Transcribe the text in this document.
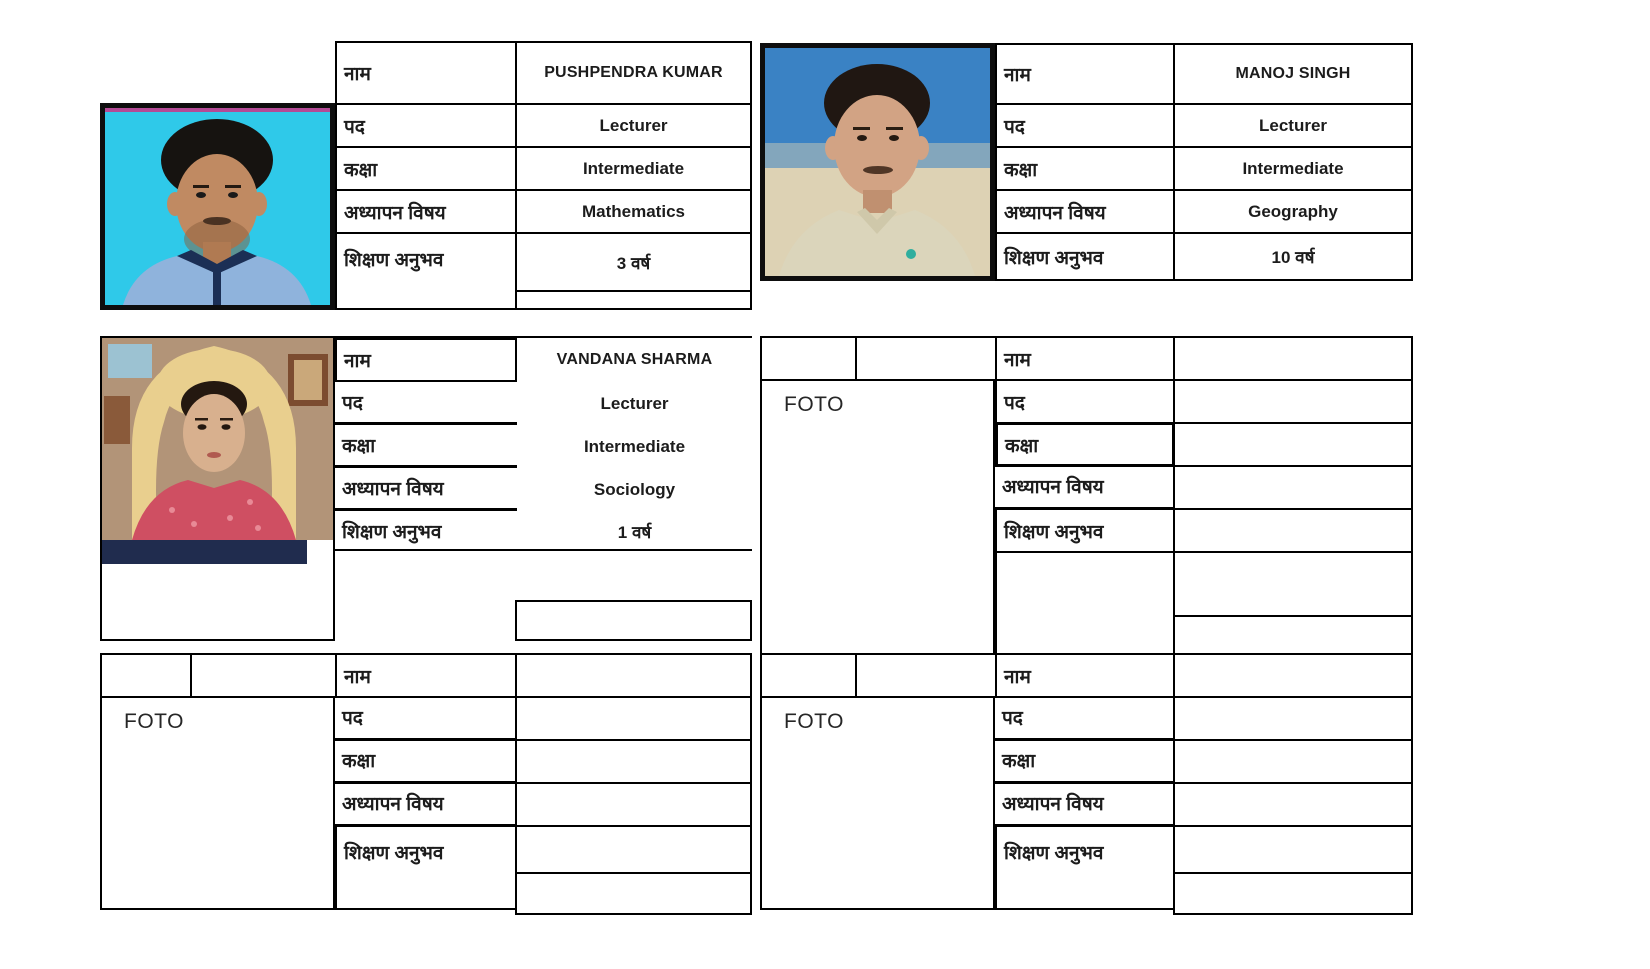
नाम
पद
कक्षा
अध्यापन विषय
शिक्षण अनुभव
PUSHPENDRA KUMAR
Lecturer
Intermediate
Mathematics
3 वर्ष
नाम
पद
कक्षा
अध्यापन विषय
शिक्षण अनुभव
MANOJ SINGH
Lecturer
Intermediate
Geography
10 वर्ष
नाम
पद
कक्षा
अध्यापन विषय
शिक्षण अनुभव
VANDANA SHARMA
Lecturer
Intermediate
Sociology
1 वर्ष
FOTO
नाम
पद
कक्षा
अध्यापन विषय
शिक्षण अनुभव
FOTO
नाम
पद
कक्षा
अध्यापन विषय
शिक्षण अनुभव
FOTO
नाम
पद
कक्षा
अध्यापन विषय
शिक्षण अनुभव
